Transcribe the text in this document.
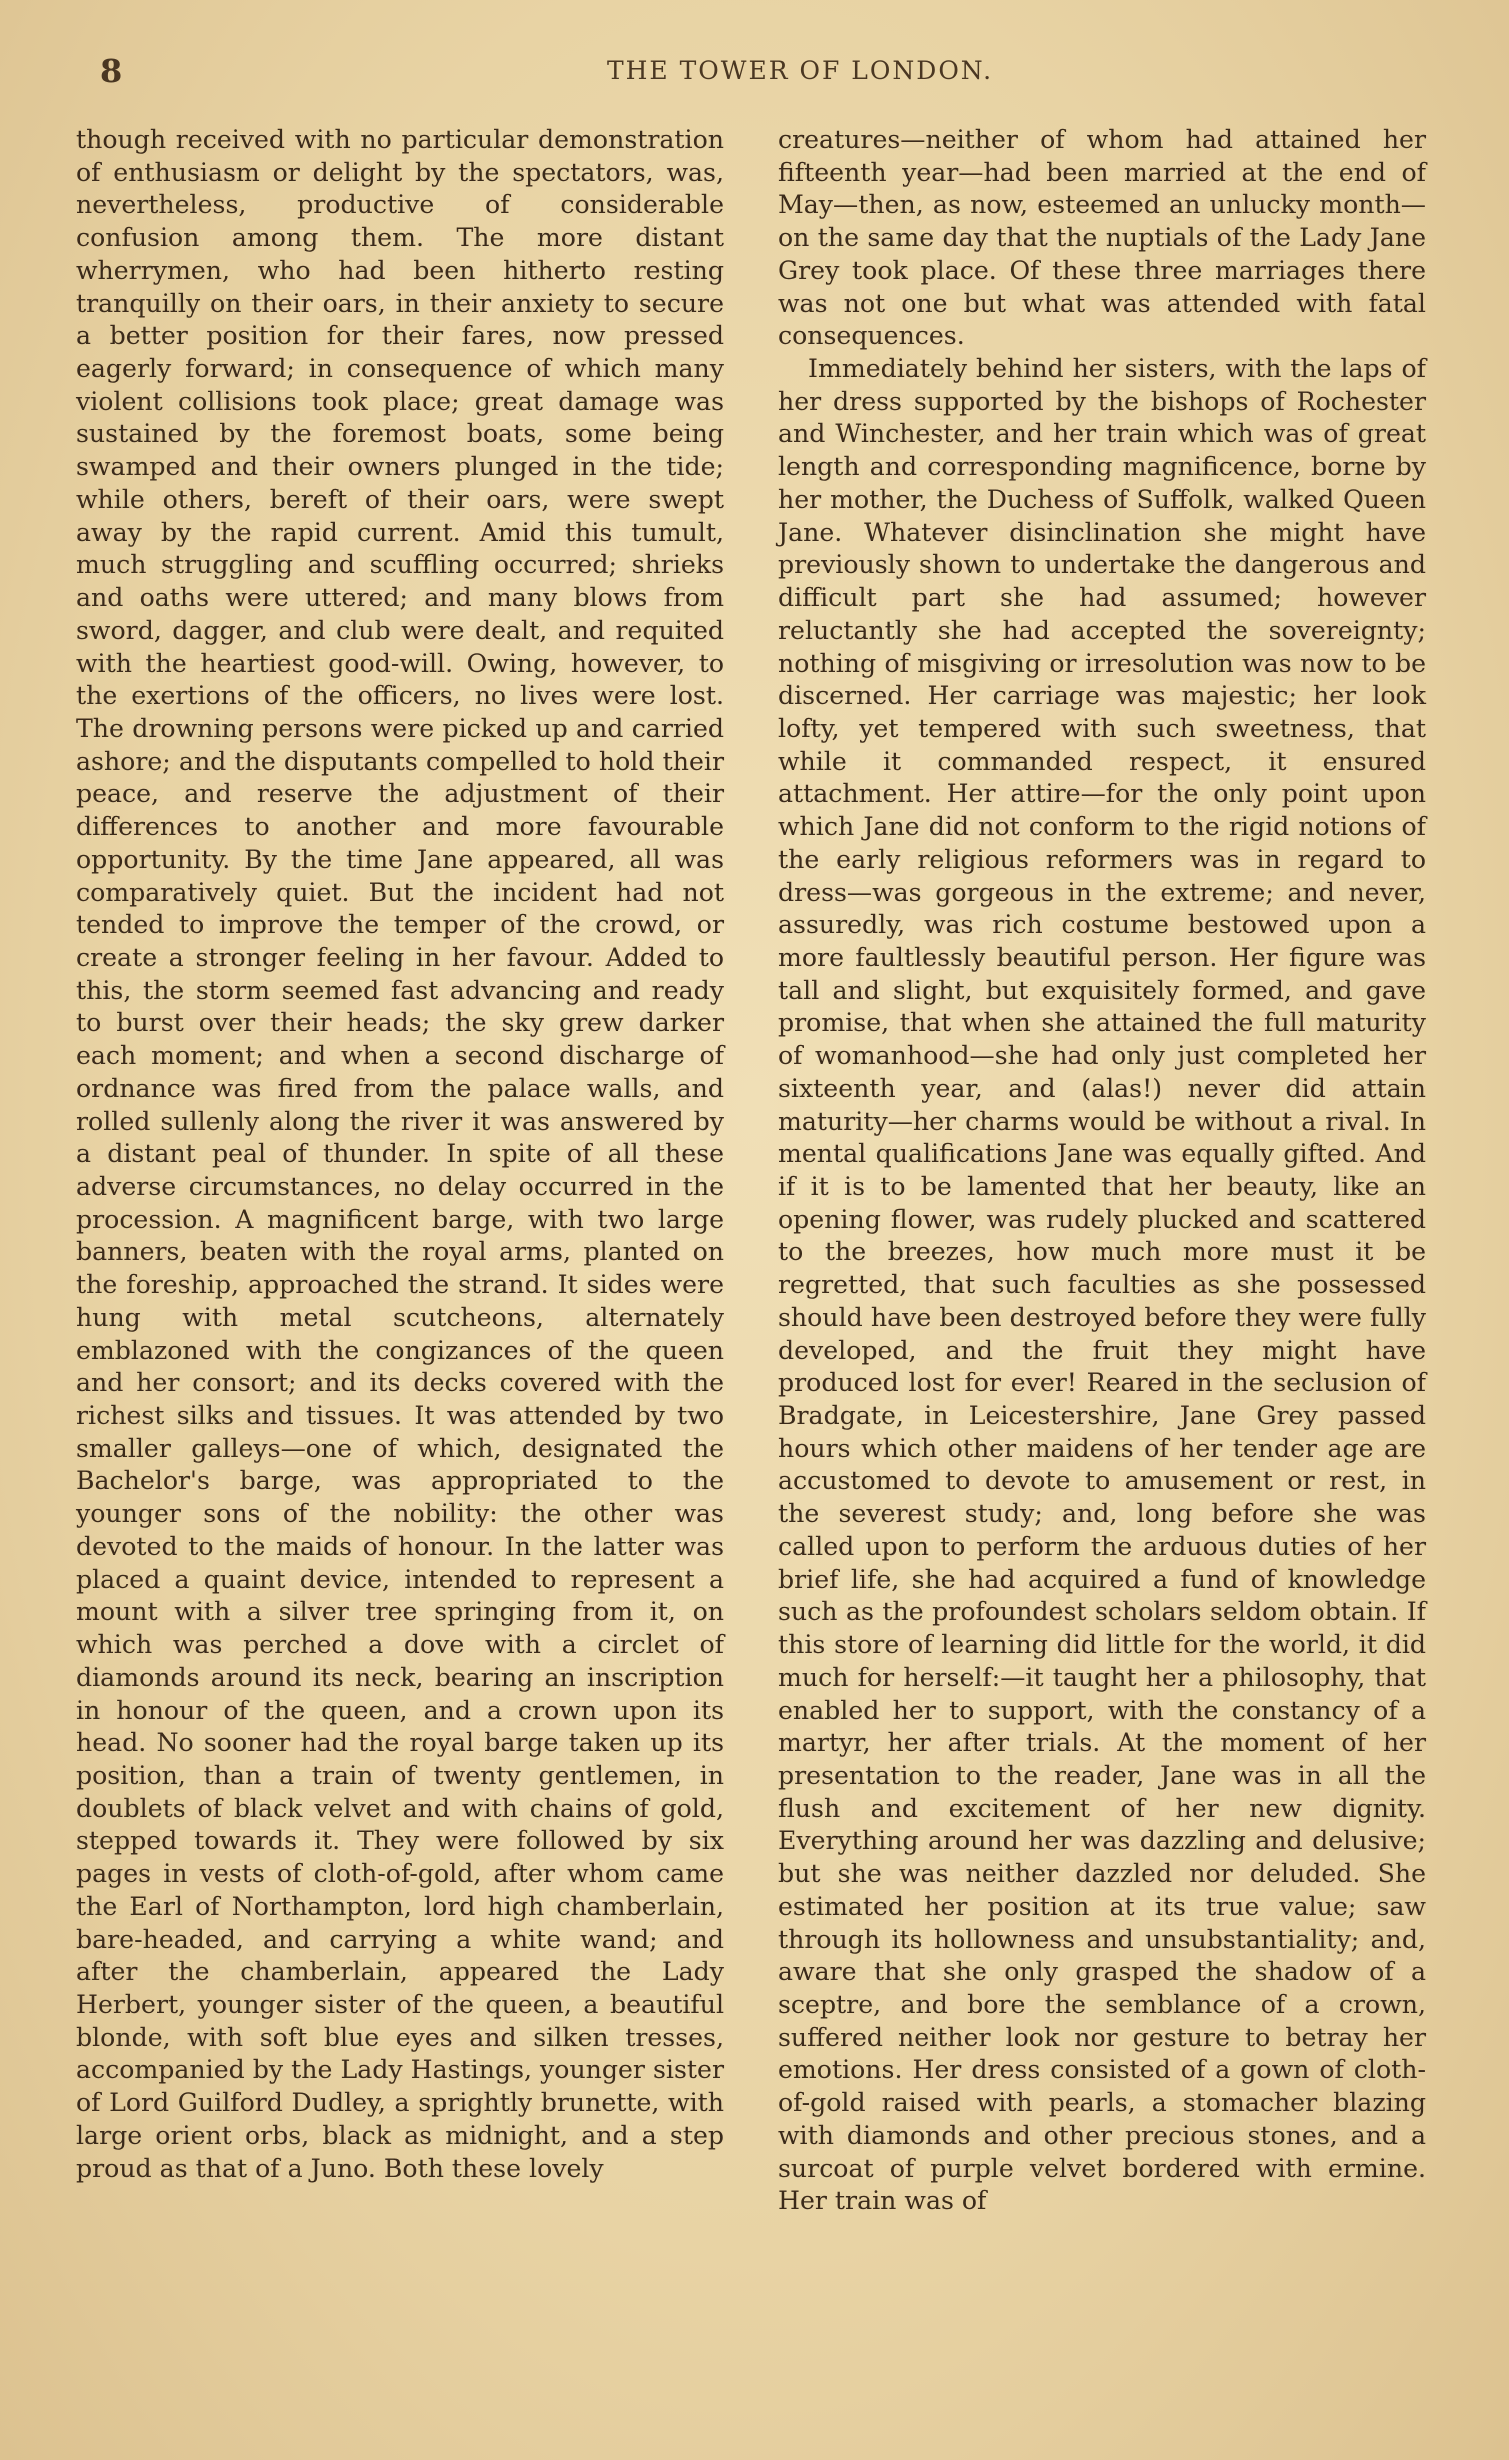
8	THE TOWER OF LONDON.

though received with no particular demonstration of enthusiasm or delight by the spectators, was, nevertheless, productive of considerable confusion among them. The more distant wherrymen, who had been hitherto resting tranquilly on their oars, in their anxiety to secure a better position for their fares, now pressed eagerly forward; in consequence of which many violent collisions took place; great damage was sustained by the foremost boats, some being swamped and their owners plunged in the tide; while others, bereft of their oars, were swept away by the rapid current. Amid this tumult, much struggling and scuffling occurred; shrieks and oaths were uttered; and many blows from sword, dagger, and club were dealt, and requited with the heartiest good-will. Owing, however, to the exertions of the officers, no lives were lost. The drowning persons were picked up and carried ashore; and the disputants compelled to hold their peace, and reserve the adjustment of their differences to another and more favourable opportunity. By the time Jane appeared, all was comparatively quiet. But the incident had not tended to improve the temper of the crowd, or create a stronger feeling in her favour. Added to this, the storm seemed fast advancing and ready to burst over their heads; the sky grew darker each moment; and when a second discharge of ordnance was fired from the palace walls, and rolled sullenly along the river it was answered by a distant peal of thunder. In spite of all these adverse circumstances, no delay occurred in the procession. A magnificent barge, with two large banners, beaten with the royal arms, planted on the foreship, approached the strand. It sides were hung with metal scutcheons, alternately emblazoned with the congizances of the queen and her consort; and its decks covered with the richest silks and tissues. It was attended by two smaller galleys—one of which, designated the Bachelor's barge, was appropriated to the younger sons of the nobility: the other was devoted to the maids of honour. In the latter was placed a quaint device, intended to represent a mount with a silver tree springing from it, on which was perched a dove with a circlet of diamonds around its neck, bearing an inscription in honour of the queen, and a crown upon its head. No sooner had the royal barge taken up its position, than a train of twenty gentlemen, in doublets of black velvet and with chains of gold, stepped towards it. They were followed by six pages in vests of cloth-of-gold, after whom came the Earl of Northampton, lord high chamberlain, bare-headed, and carrying a white wand; and after the chamberlain, appeared the Lady Herbert, younger sister of the queen, a beautiful blonde, with soft blue eyes and silken tresses, accompanied by the Lady Hastings, younger sister of Lord Guilford Dudley, a sprightly brunette, with large orient orbs, black as midnight, and a step proud as that of a Juno. Both these lovely

creatures—neither of whom had attained her fifteenth year—had been married at the end of May—then, as now, esteemed an unlucky month—on the same day that the nuptials of the Lady Jane Grey took place. Of these three marriages there was not one but what was attended with fatal consequences.

Immediately behind her sisters, with the laps of her dress supported by the bishops of Rochester and Winchester, and her train which was of great length and corresponding magnificence, borne by her mother, the Duchess of Suffolk, walked Queen Jane. Whatever disinclination she might have previously shown to undertake the dangerous and difficult part she had assumed; however reluctantly she had accepted the sovereignty; nothing of misgiving or irresolution was now to be discerned. Her carriage was majestic; her look lofty, yet tempered with such sweetness, that while it commanded respect, it ensured attachment. Her attire—for the only point upon which Jane did not conform to the rigid notions of the early religious reformers was in regard to dress—was gorgeous in the extreme; and never, assuredly, was rich costume bestowed upon a more faultlessly beautiful person. Her figure was tall and slight, but exquisitely formed, and gave promise, that when she attained the full maturity of womanhood—she had only just completed her sixteenth year, and (alas!) never did attain maturity—her charms would be without a rival. In mental qualifications Jane was equally gifted. And if it is to be lamented that her beauty, like an opening flower, was rudely plucked and scattered to the breezes, how much more must it be regretted, that such faculties as she possessed should have been destroyed before they were fully developed, and the fruit they might have produced lost for ever! Reared in the seclusion of Bradgate, in Leicestershire, Jane Grey passed hours which other maidens of her tender age are accustomed to devote to amusement or rest, in the severest study; and, long before she was called upon to perform the arduous duties of her brief life, she had acquired a fund of knowledge such as the profoundest scholars seldom obtain. If this store of learning did little for the world, it did much for herself:—it taught her a philosophy, that enabled her to support, with the constancy of a martyr, her after trials. At the moment of her presentation to the reader, Jane was in all the flush and excitement of her new dignity. Everything around her was dazzling and delusive; but she was neither dazzled nor deluded. She estimated her position at its true value; saw through its hollowness and unsubstantiality; and, aware that she only grasped the shadow of a sceptre, and bore the semblance of a crown, suffered neither look nor gesture to betray her emotions. Her dress consisted of a gown of cloth-of-gold raised with pearls, a stomacher blazing with diamonds and other precious stones, and a surcoat of purple velvet bordered with ermine. Her train was of
